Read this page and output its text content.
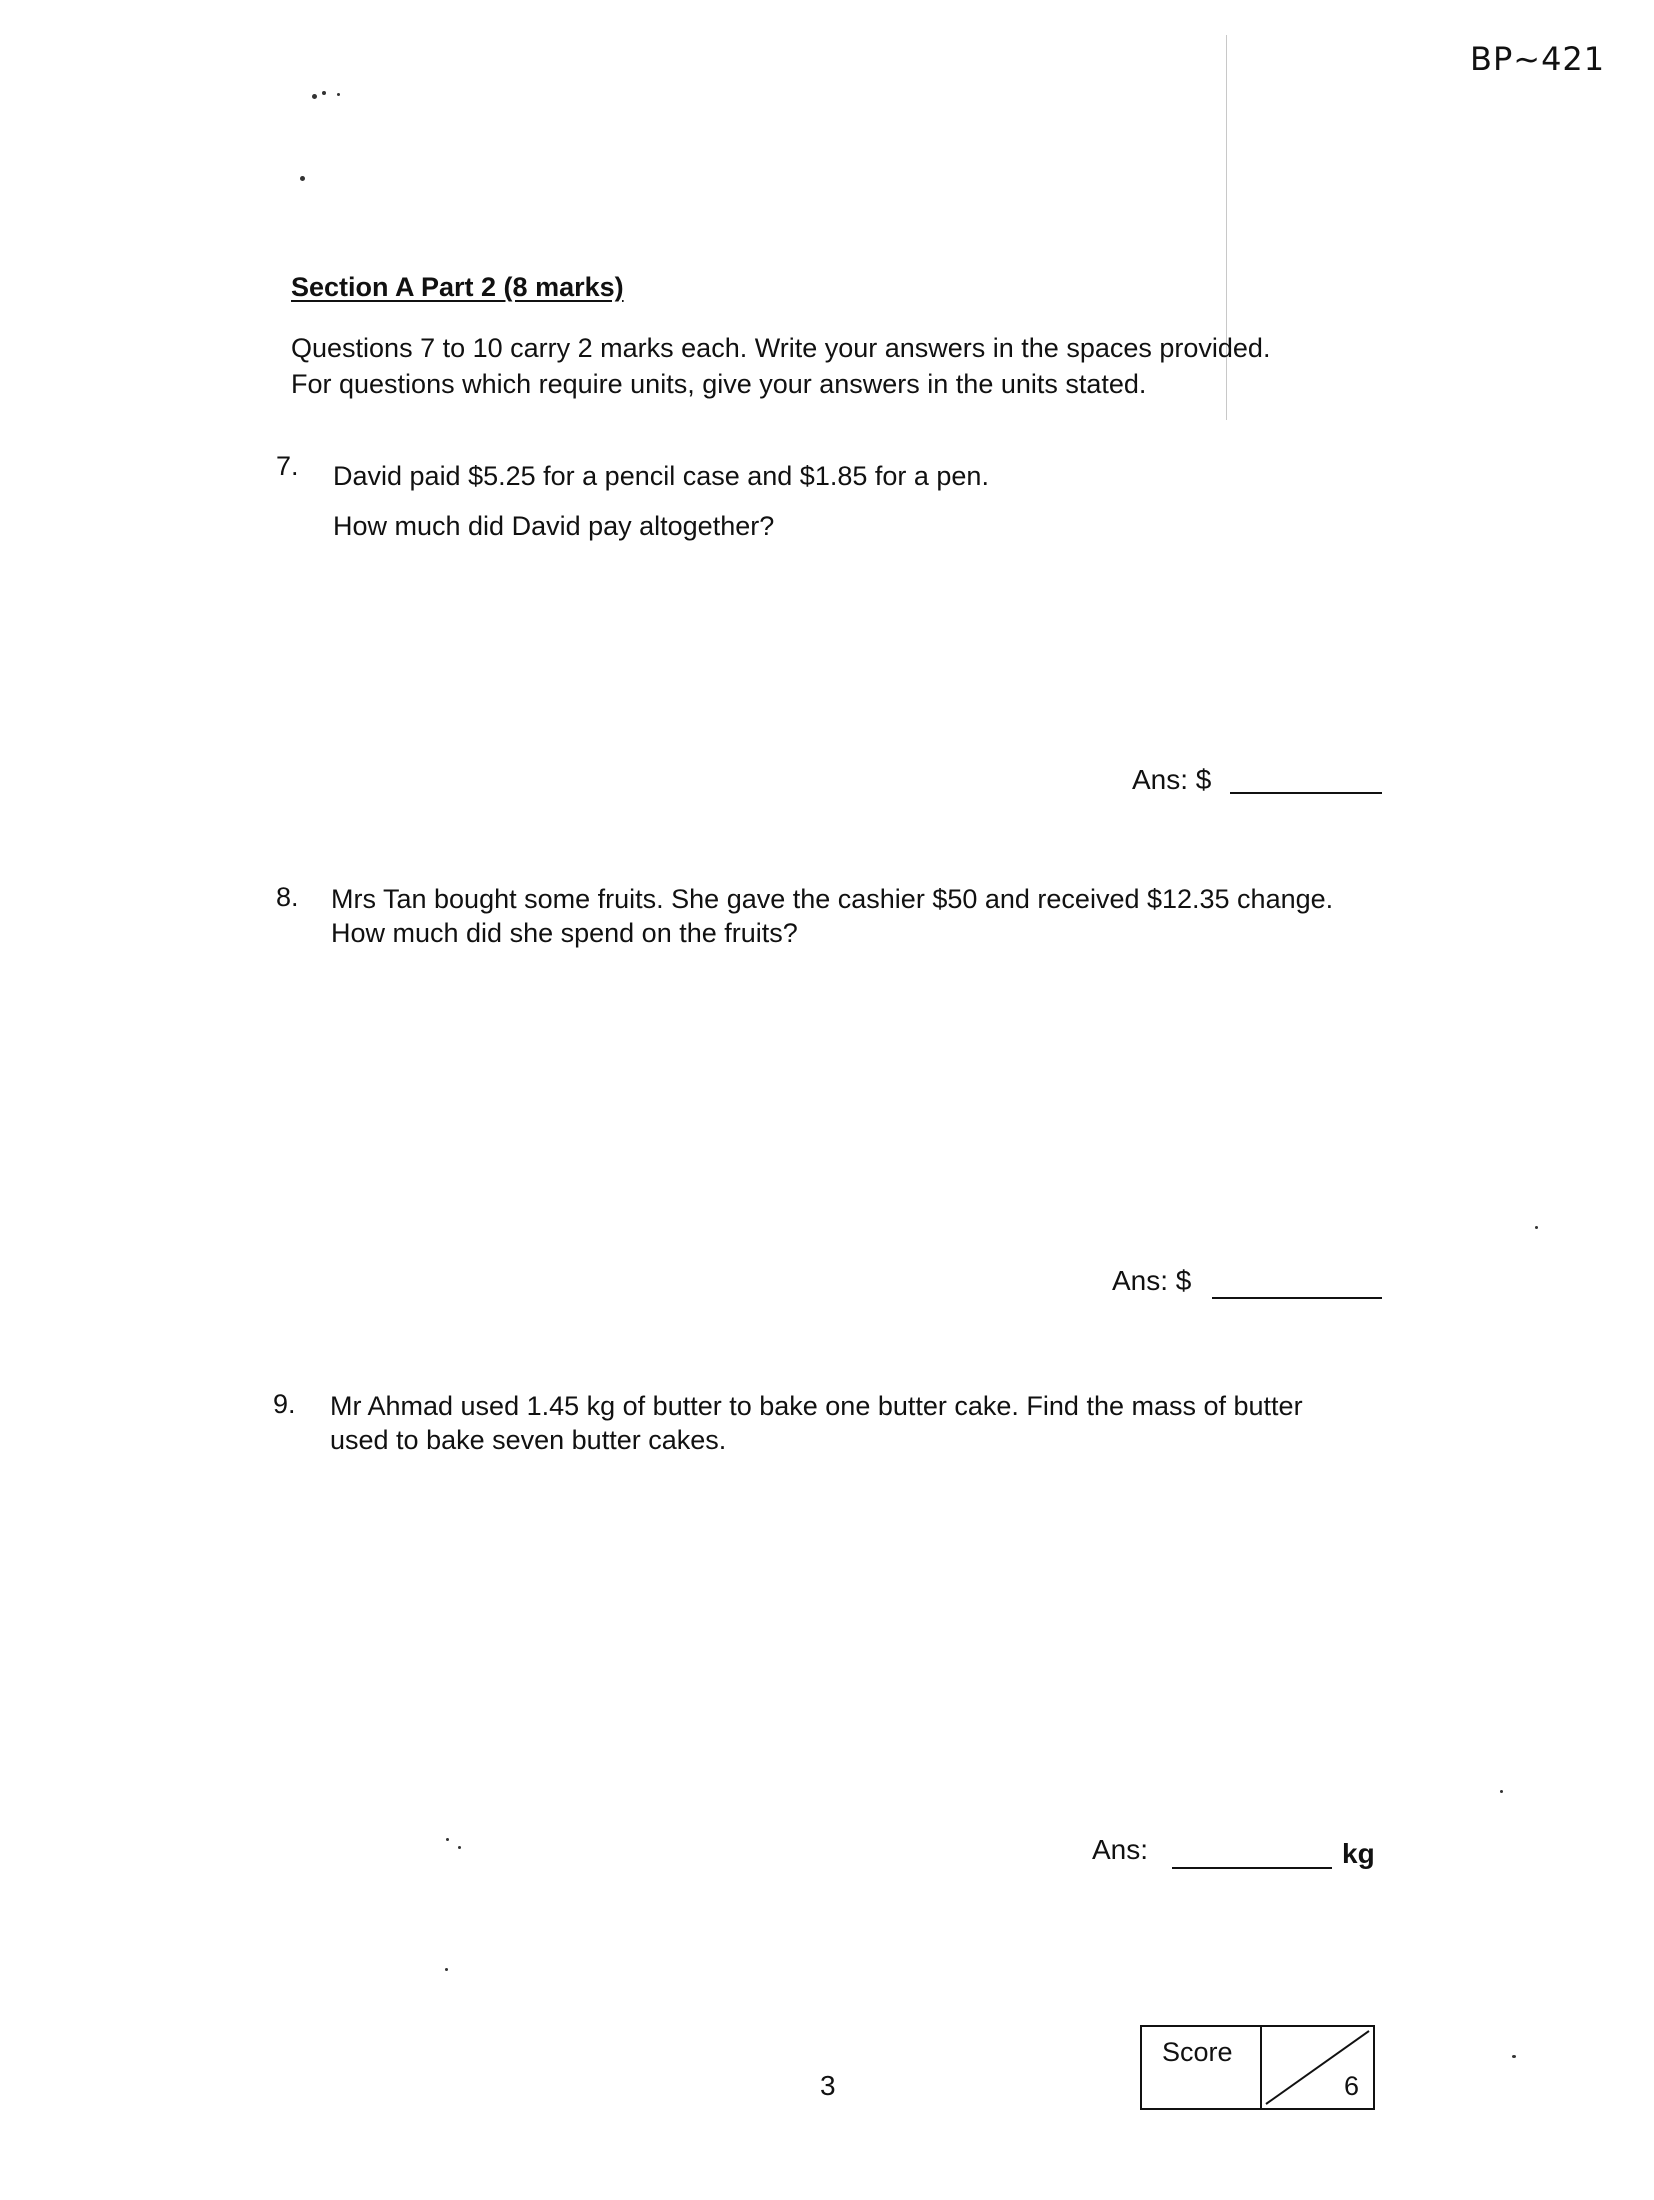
BP~421
Section A Part 2 (8 marks)

Questions 7 to 10 carry 2 marks each. Write your answers in the spaces provided.

For questions which require units, give your answers in the units stated.

7. David paid $5.25 for a pencil case and $1.85 for a pen.

How much did David pay altogether?

Ans: $
8. Mrs Tan bought some fruits. She gave the cashier $50 and received $12.35 change.

How much did she spend on the fruits?

Ans: $
9. Mr Ahmad used 1.45 kg of butter to bake one butter cake. Find the mass of butter

used to bake seven butter cakes.

Ans:	kg
3
Score
6
